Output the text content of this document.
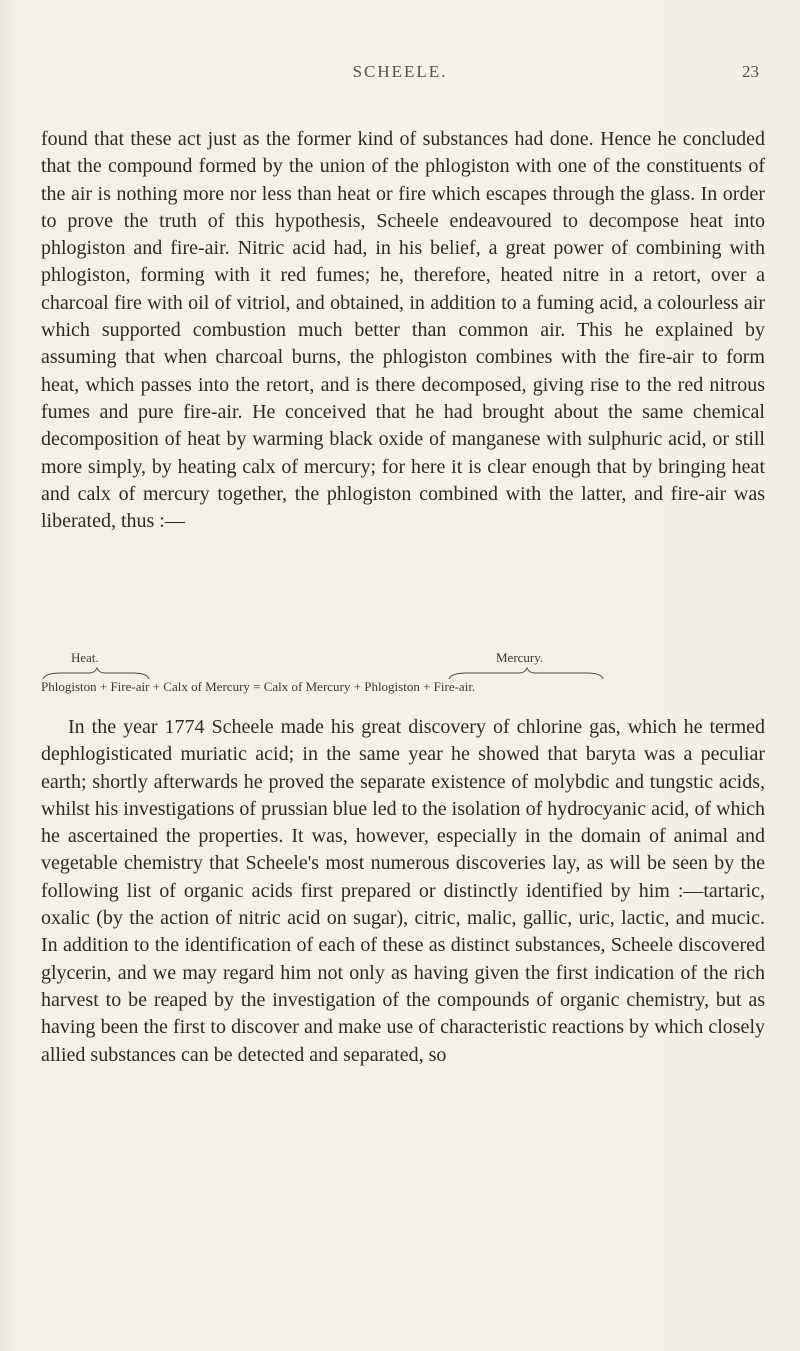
SCHEELE.	23

found that these act just as the former kind of substances had done. Hence he concluded that the compound formed by the union of the phlogiston with one of the constituents of the air is nothing more nor less than heat or fire which escapes through the glass. In order to prove the truth of this hypothesis, Scheele endeavoured to decompose heat into phlogiston and fire-air. Nitric acid had, in his belief, a great power of combining with phlogiston, forming with it red fumes; he, therefore, heated nitre in a retort, over a charcoal fire with oil of vitriol, and obtained, in addition to a fuming acid, a colourless air which supported combustion much better than common air. This he explained by assuming that when charcoal burns, the phlogiston combines with the fire-air to form heat, which passes into the retort, and is there decomposed, giving rise to the red nitrous fumes and pure fire-air. He conceived that he had brought about the same chemical decomposition of heat by warming black oxide of manganese with sulphuric acid, or still more simply, by heating calx of mercury; for here it is clear enough that by bringing heat and calx of mercury together, the phlogiston combined with the latter, and fire-air was liberated, thus :—

Heat.	Mercury.
Phlogiston + Fire-air + Calx of Mercury = Calx of Mercury + Phlogiston + Fire-air.

In the year 1774 Scheele made his great discovery of chlorine gas, which he termed dephlogisticated muriatic acid; in the same year he showed that baryta was a peculiar earth; shortly afterwards he proved the separate existence of molybdic and tungstic acids, whilst his investigations of prussian blue led to the isolation of hydrocyanic acid, of which he ascertained the properties. It was, however, especially in the domain of animal and vegetable chemistry that Scheele's most numerous discoveries lay, as will be seen by the following list of organic acids first prepared or distinctly identified by him :—tartaric, oxalic (by the action of nitric acid on sugar), citric, malic, gallic, uric, lactic, and mucic. In addition to the identification of each of these as distinct substances, Scheele discovered glycerin, and we may regard him not only as having given the first indication of the rich harvest to be reaped by the investigation of the compounds of organic chemistry, but as having been the first to discover and make use of characteristic reactions by which closely allied substances can be detected and separated, so
